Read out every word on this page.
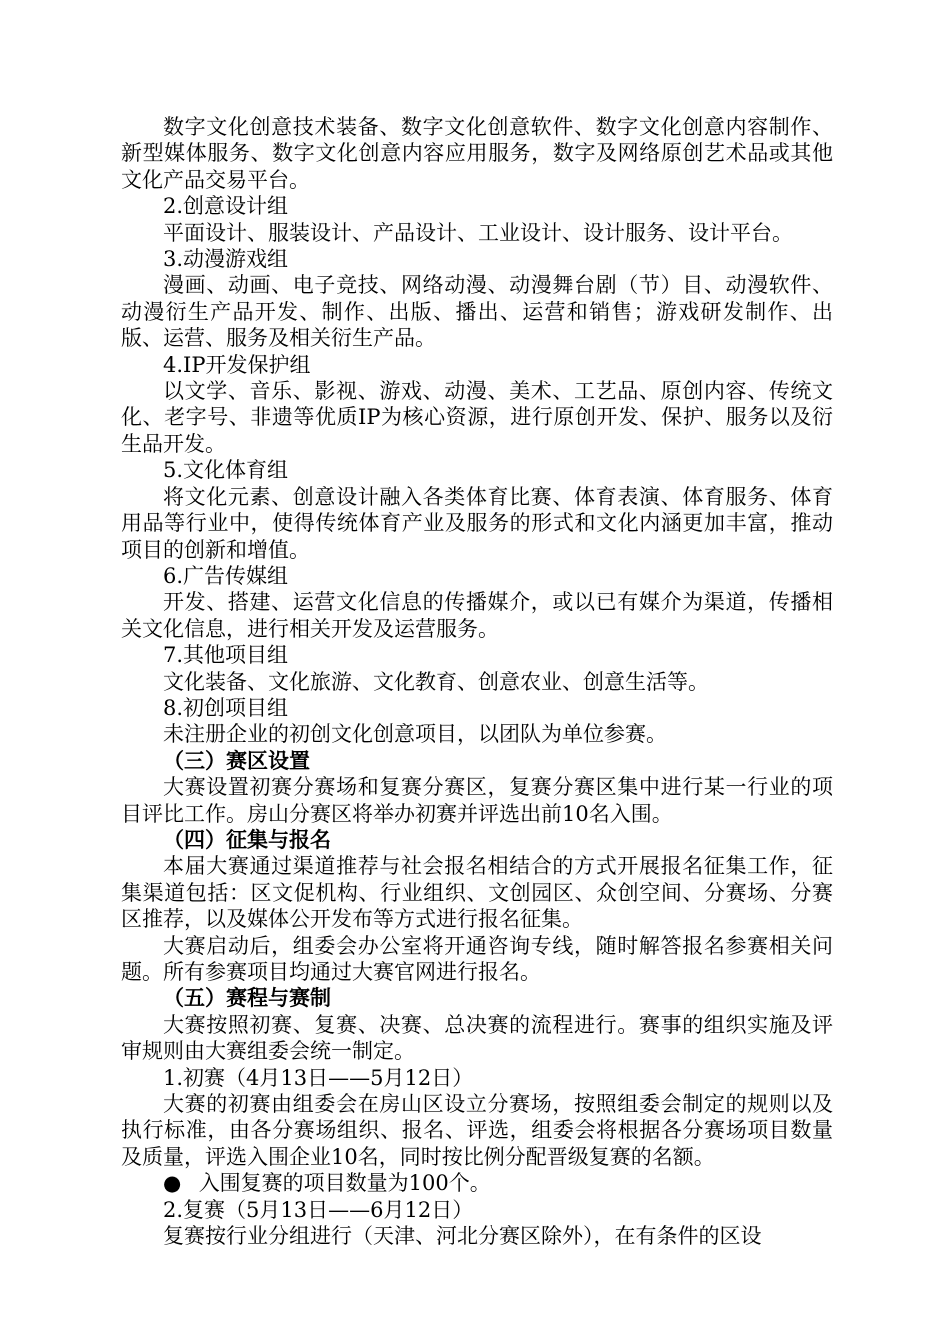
数字文化创意技术装备、数字文化创意软件、数字文化创意内容制作、新型媒体服务、数字文化创意内容应用服务，数字及网络原创艺术品或其他文化产品交易平台。

2.创意设计组

平面设计、服装设计、产品设计、工业设计、设计服务、设计平台。

3.动漫游戏组

漫画、动画、电子竞技、网络动漫、动漫舞台剧（节）目、动漫软件、动漫衍生产品开发、制作、出版、播出、运营和销售；游戏研发制作、出版、运营、服务及相关衍生产品。

4.IP开发保护组

以文学、音乐、影视、游戏、动漫、美术、工艺品、原创内容、传统文化、老字号、非遗等优质IP为核心资源，进行原创开发、保护、服务以及衍生品开发。

5.文化体育组

将文化元素、创意设计融入各类体育比赛、体育表演、体育服务、体育用品等行业中，使得传统体育产业及服务的形式和文化内涵更加丰富，推动项目的创新和增值。

6.广告传媒组

开发、搭建、运营文化信息的传播媒介，或以已有媒介为渠道，传播相关文化信息，进行相关开发及运营服务。

7.其他项目组

文化装备、文化旅游、文化教育、创意农业、创意生活等。

8.初创项目组

未注册企业的初创文化创意项目，以团队为单位参赛。

（三）赛区设置

大赛设置初赛分赛场和复赛分赛区，复赛分赛区集中进行某一行业的项目评比工作。房山分赛区将举办初赛并评选出前10名入围。

（四）征集与报名

本届大赛通过渠道推荐与社会报名相结合的方式开展报名征集工作，征集渠道包括：区文促机构、行业组织、文创园区、众创空间、分赛场、分赛区推荐，以及媒体公开发布等方式进行报名征集。

大赛启动后，组委会办公室将开通咨询专线，随时解答报名参赛相关问题。所有参赛项目均通过大赛官网进行报名。

（五）赛程与赛制

大赛按照初赛、复赛、决赛、总决赛的流程进行。赛事的组织实施及评审规则由大赛组委会统一制定。

1.初赛（4月13日——5月12日）

大赛的初赛由组委会在房山区设立分赛场，按照组委会制定的规则以及执行标准，由各分赛场组织、报名、评选，组委会将根据各分赛场项目数量及质量，评选入围企业10名，同时按比例分配晋级复赛的名额。

● 入围复赛的项目数量为100个。

2.复赛（5月13日——6月12日）

复赛按行业分组进行（天津、河北分赛区除外），在有条件的区设
